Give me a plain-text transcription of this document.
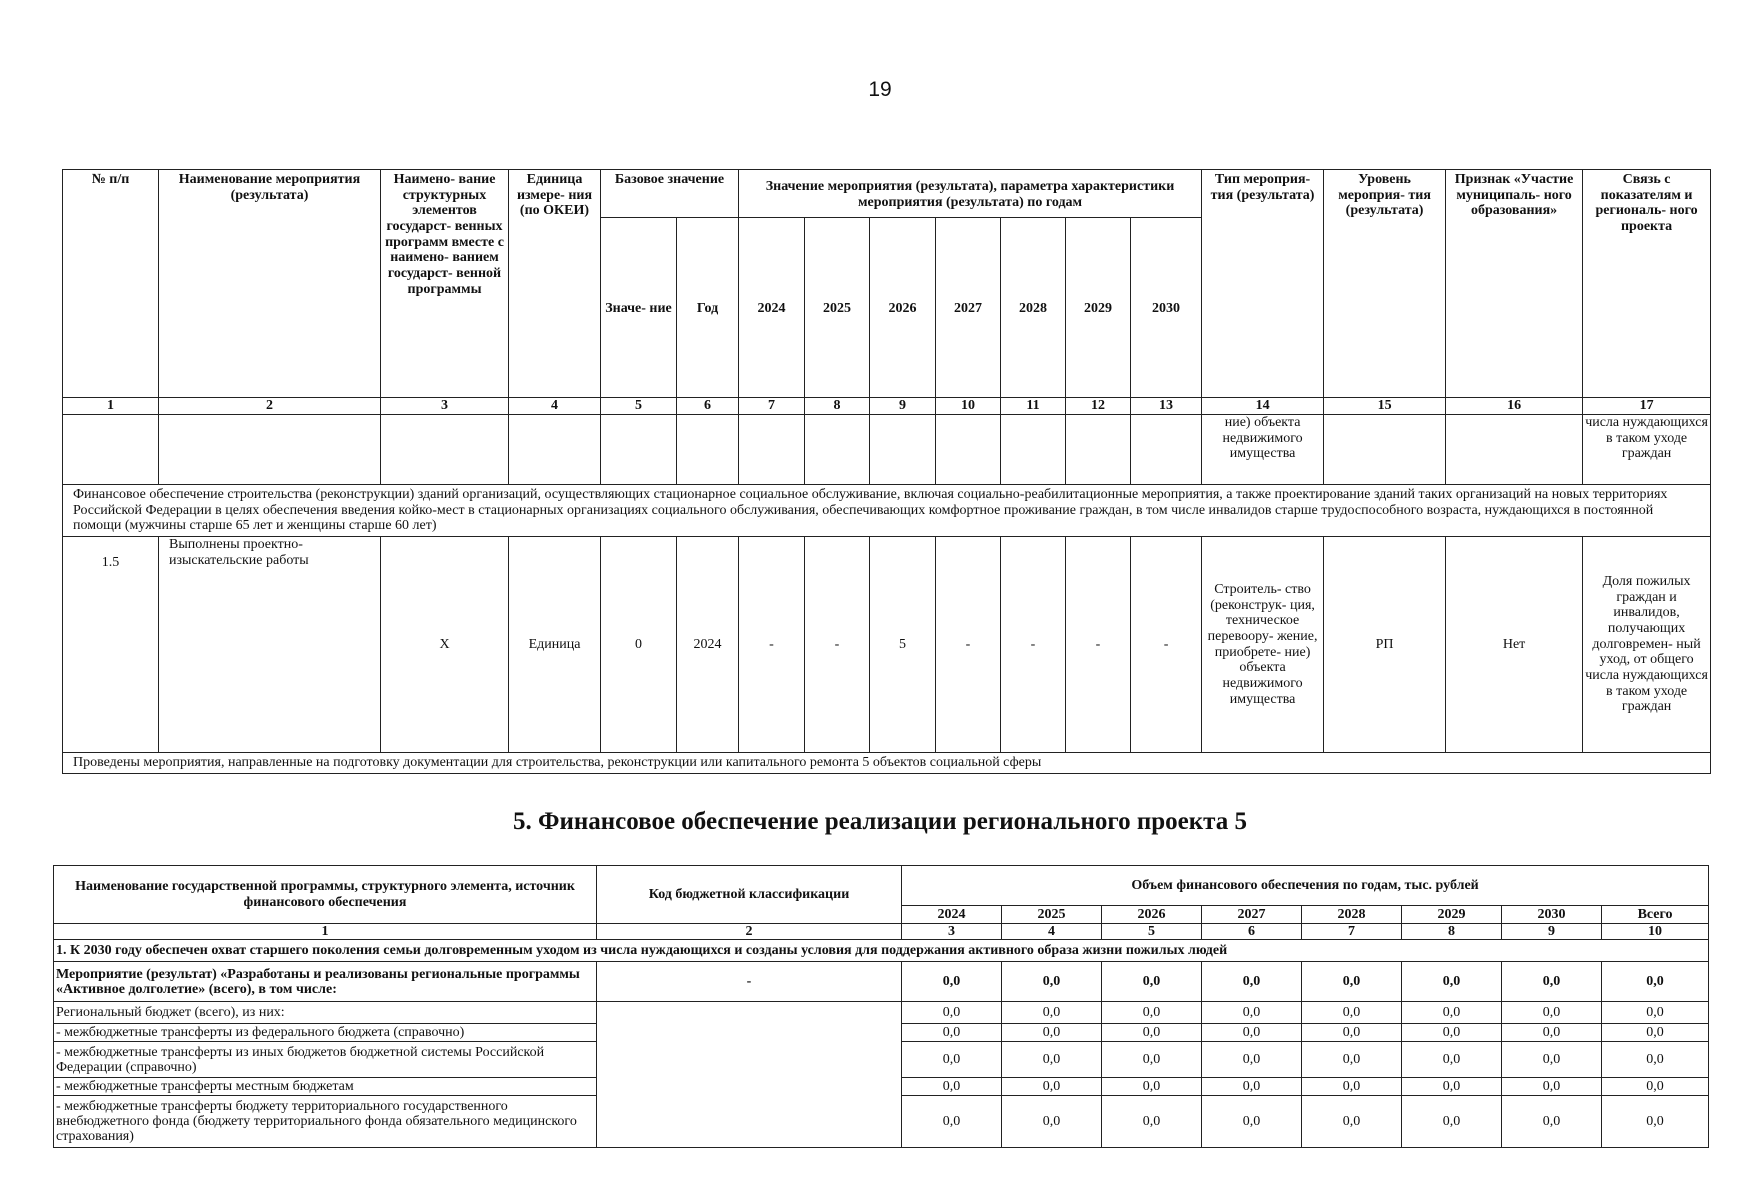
19
№ п/п	Наименование мероприятия (результата)	Наимено- вание структурных элементов государст- венных программ вместе с наимено- ванием государст- венной программы	Единица измере- ния (по ОКЕИ)	Базовое значение		Значение мероприятия (результата), параметра характеристики мероприятия (результата) по годам							Тип мероприя- тия (результата)	Уровень мероприя- тия (результата)	Признак «Участие муниципаль- ного образования»	Связь с показателям и региональ- ного проекта
				Значе- ние	Год	2024	2025	2026	2027	2028	2029	2030				
1	2	3	4	5	6	7	8	9	10	11	12	13	14	15	16	17
													ние) объекта недвижимого имущества			числа нуждающихся в таком уходе граждан
Финансовое обеспечение строительства (реконструкции) зданий организаций, осуществляющих стационарное социальное обслуживание, включая социально-реабилитационные мероприятия, а также проектирование зданий таких организаций на новых территориях Российской Федерации в целях обеспечения введения койко-мест в стационарных организациях социального обслуживания, обеспечивающих комфортное проживание граждан, в том числе инвалидов старше трудоспособного возраста, нуждающихся в постоянной помощи (мужчины старше 65 лет и женщины старше 60 лет)																
1.5	Выполнены проектно-изыскательские работы	X	Единица	0	2024	-	-	5	-	-	-	-	Строитель- ство (реконструк- ция, техническое перевоору- жение, приобрете- ние) объекта недвижимого имущества	РП	Нет	Доля пожилых граждан и инвалидов, получающих долговремен- ный уход, от общего числа нуждающихся в таком уходе граждан
Проведены мероприятия, направленные на подготовку документации для строительства, реконструкции или капитального ремонта 5 объектов социальной сферы																
5. Финансовое обеспечение реализации регионального проекта 5
Наименование государственной программы, структурного элемента, источник финансового обеспечения	Код бюджетной классификации	Объем финансового обеспечения по годам, тыс. рублей							
		2024	2025	2026	2027	2028	2029	2030	Всего
1	2	3	4	5	6	7	8	9	10
1. К 2030 году обеспечен охват старшего поколения семьи долговременным уходом из числа нуждающихся и созданы условия для поддержания активного образа жизни пожилых людей									
Мероприятие (результат) «Разработаны и реализованы региональные программы «Активное долголетие» (всего), в том числе:	-	0,0	0,0	0,0	0,0	0,0	0,0	0,0	0,0
Региональный бюджет (всего), из них:		0,0	0,0	0,0	0,0	0,0	0,0	0,0	0,0
- межбюджетные трансферты из федерального бюджета (справочно)		0,0	0,0	0,0	0,0	0,0	0,0	0,0	0,0
- межбюджетные трансферты из иных бюджетов бюджетной системы Российской Федерации (справочно)		0,0	0,0	0,0	0,0	0,0	0,0	0,0	0,0
- межбюджетные трансферты местным бюджетам		0,0	0,0	0,0	0,0	0,0	0,0	0,0	0,0
- межбюджетные трансферты бюджету территориального государственного внебюджетного фонда (бюджету территориального фонда обязательного медицинского страхования)		0,0	0,0	0,0	0,0	0,0	0,0	0,0	0,0
